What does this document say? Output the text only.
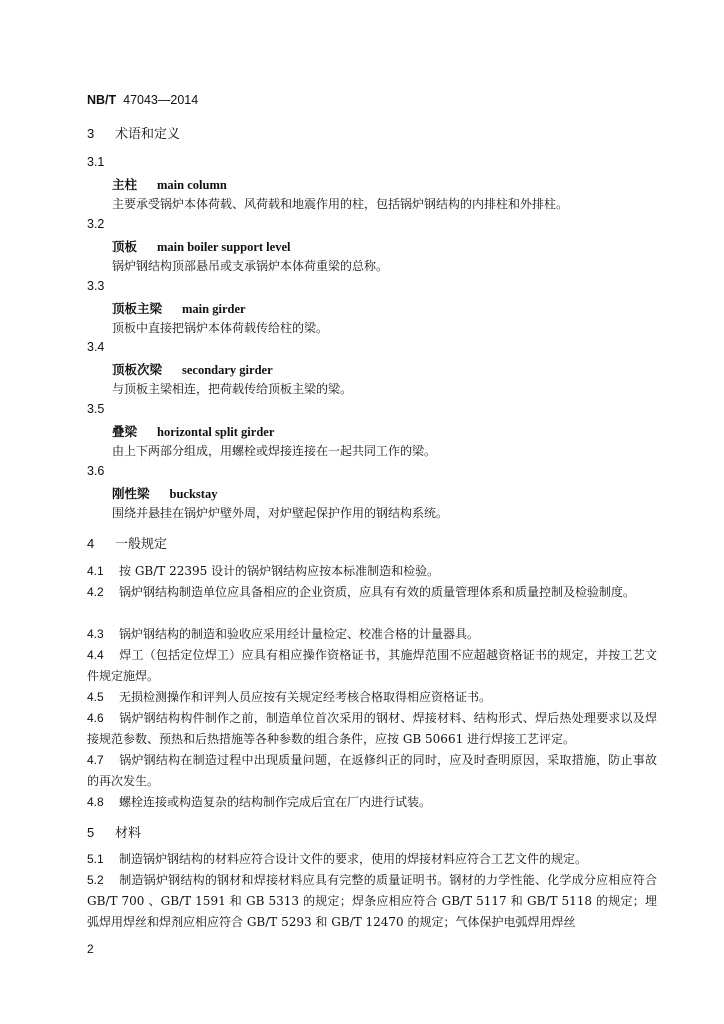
NB/T 47043—2014
3 术语和定义
3.1
主柱 main column
主要承受锅炉本体荷载、风荷载和地震作用的柱，包括锅炉钢结构的内排柱和外排柱。
3.2
顶板 main boiler support level
锅炉钢结构顶部悬吊或支承锅炉本体荷重梁的总称。
3.3
顶板主梁 main girder
顶板中直接把锅炉本体荷载传给柱的梁。
3.4
顶板次梁 secondary girder
与顶板主梁相连，把荷载传给顶板主梁的梁。
3.5
叠梁 horizontal split girder
由上下两部分组成，用螺栓或焊接连接在一起共同工作的梁。
3.6
刚性梁 buckstay
围绕并悬挂在锅炉炉壁外周，对炉壁起保护作用的钢结构系统。
4 一般规定
4.1 按 GB/T 22395 设计的锅炉钢结构应按本标准制造和检验。
4.2 锅炉钢结构制造单位应具备相应的企业资质，应具有有效的质量管理体系和质量控制及检验制度。
4.3 锅炉钢结构的制造和验收应采用经计量检定、校准合格的计量器具。
4.4 焊工（包括定位焊工）应具有相应操作资格证书，其施焊范围不应超越资格证书的规定，并按工艺文件规定施焊。
4.5 无损检测操作和评判人员应按有关规定经考核合格取得相应资格证书。
4.6 锅炉钢结构构件制作之前，制造单位首次采用的钢材、焊接材料、结构形式、焊后热处理要求以及焊接规范参数、预热和后热措施等各种参数的组合条件，应按 GB 50661 进行焊接工艺评定。
4.7 锅炉钢结构在制造过程中出现质量问题，在返修纠正的同时，应及时查明原因，采取措施，防止事故的再次发生。
4.8 螺栓连接或构造复杂的结构制作完成后宜在厂内进行试装。
5 材料
5.1 制造锅炉钢结构的材料应符合设计文件的要求，使用的焊接材料应符合工艺文件的规定。
5.2 制造锅炉钢结构的钢材和焊接材料应具有完整的质量证明书。钢材的力学性能、化学成分应相应符合 GB/T 700 、GB/T 1591 和 GB 5313 的规定；焊条应相应符合 GB/T 5117 和 GB/T 5118 的规定；埋弧焊用焊丝和焊剂应相应符合 GB/T 5293 和 GB/T 12470 的规定；气体保护电弧焊用焊丝
2
